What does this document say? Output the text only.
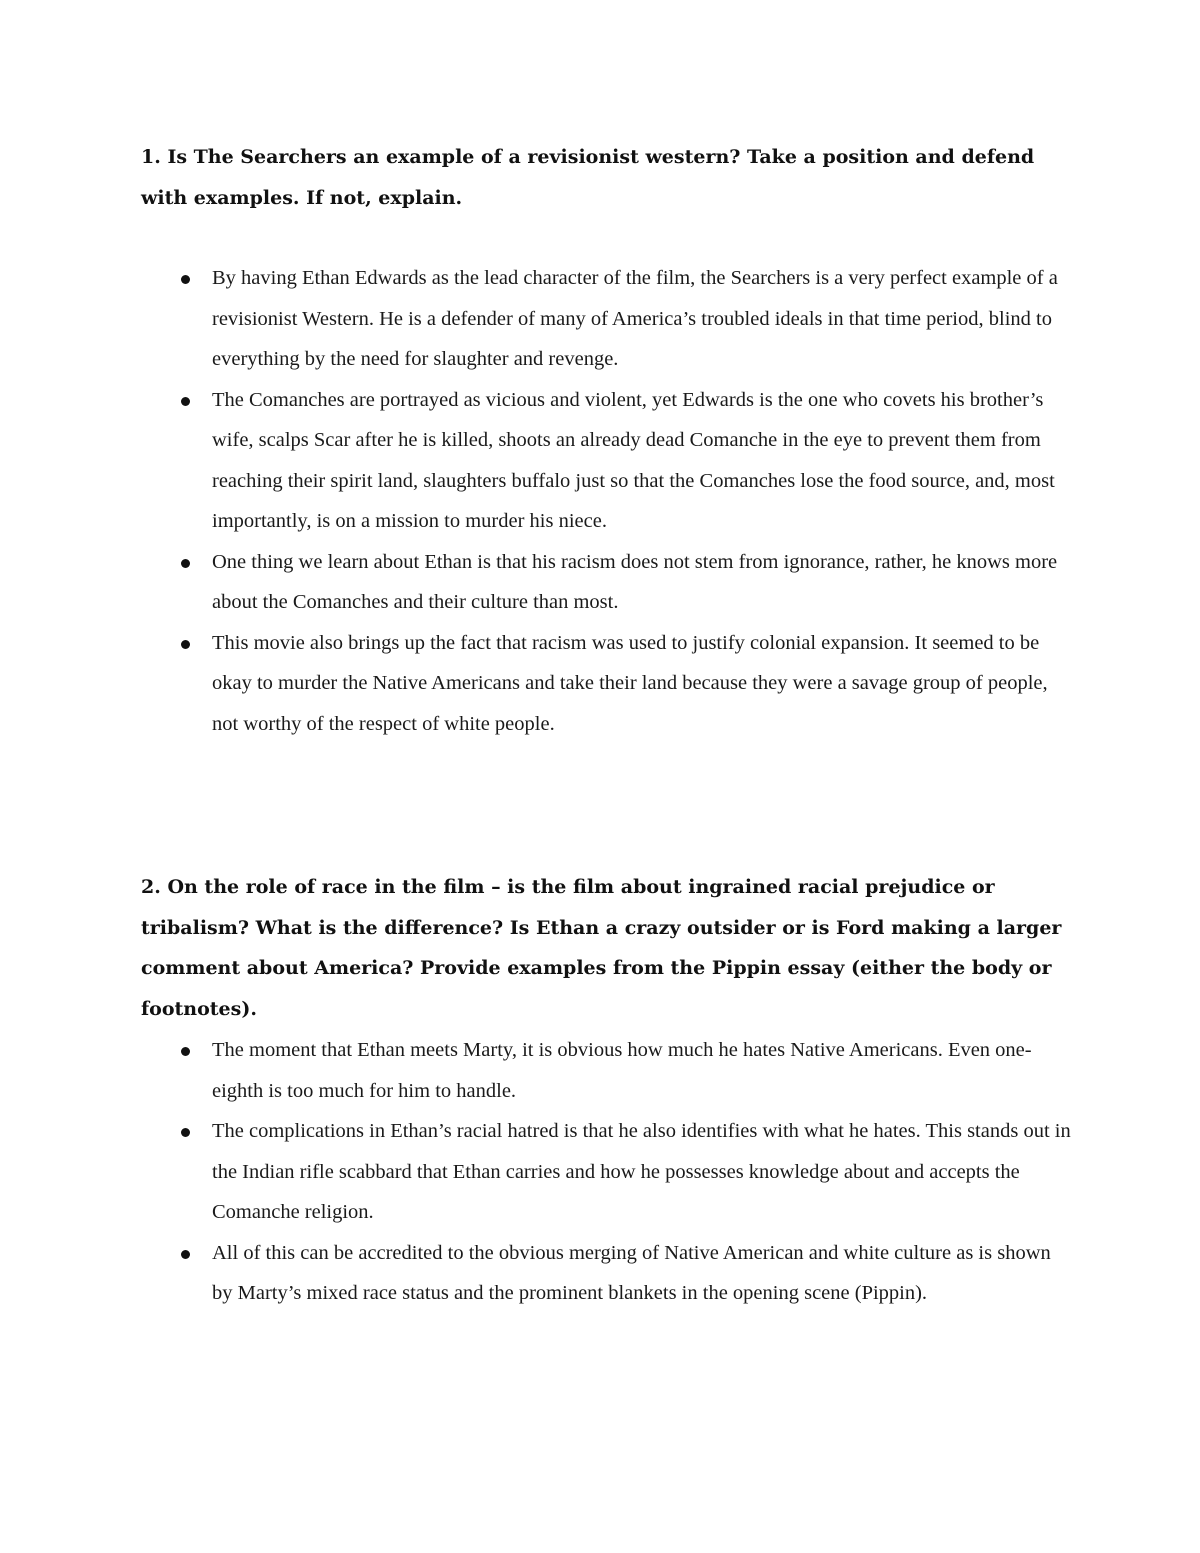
1. Is The Searchers an example of a revisionist western? Take a position and defend with examples. If not, explain.

By having Ethan Edwards as the lead character of the film, the Searchers is a very perfect example of a revisionist Western. He is a defender of many of America’s troubled ideals in that time period, blind to everything by the need for slaughter and revenge.
The Comanches are portrayed as vicious and violent, yet Edwards is the one who covets his brother’s wife, scalps Scar after he is killed, shoots an already dead Comanche in the eye to prevent them from reaching their spirit land, slaughters buffalo just so that the Comanches lose the food source, and, most importantly, is on a mission to murder his niece.
One thing we learn about Ethan is that his racism does not stem from ignorance, rather, he knows more about the Comanches and their culture than most.
This movie also brings up the fact that racism was used to justify colonial expansion. It seemed to be okay to murder the Native Americans and take their land because they were a savage group of people, not worthy of the respect of white people.

2. On the role of race in the film – is the film about ingrained racial prejudice or tribalism? What is the difference? Is Ethan a crazy outsider or is Ford making a larger comment about America? Provide examples from the Pippin essay (either the body or footnotes).

The moment that Ethan meets Marty, it is obvious how much he hates Native Americans. Even one-eighth is too much for him to handle.
The complications in Ethan’s racial hatred is that he also identifies with what he hates. This stands out in the Indian rifle scabbard that Ethan carries and how he possesses knowledge about and accepts the Comanche religion.
All of this can be accredited to the obvious merging of Native American and white culture as is shown by Marty’s mixed race status and the prominent blankets in the opening scene (Pippin).
